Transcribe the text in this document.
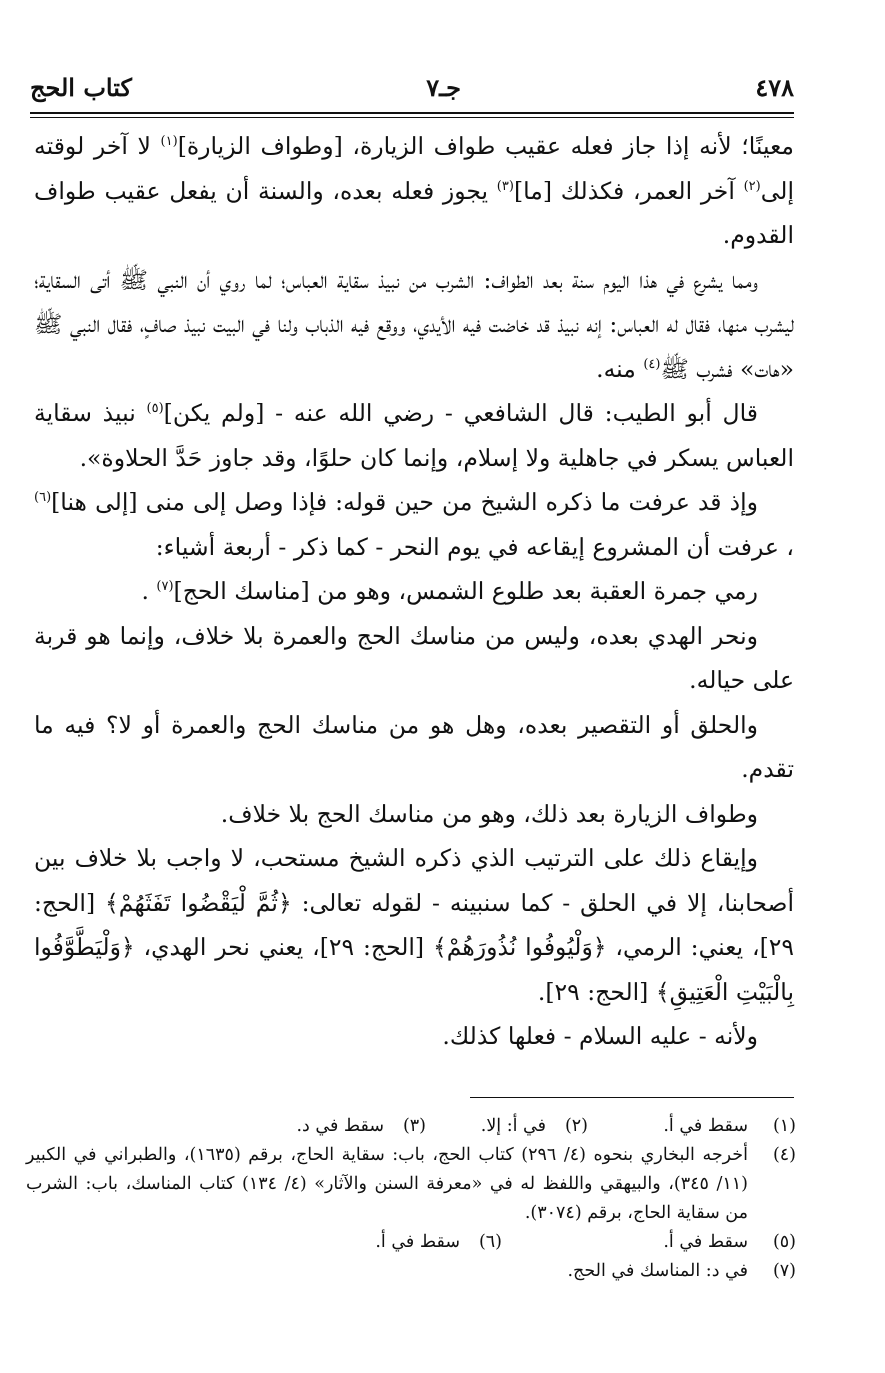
٤٧٨
جـ٧
كتاب الحج

معينًا؛ لأنه إذا جاز فعله عقيب طواف الزيارة، [وطواف الزيارة]$^{(١)}$ لا آخر لوقته إلى$^{(٢)}$ آخر العمر، فكذلك [ما]$^{(٣)}$ يجوز فعله بعده، والسنة أن يفعل عقيب طواف القدوم.

ومما يشرع في هذا اليوم سنة بعد الطواف: الشرب من نبيذ سقاية العباس؛ لما روي أن النبي ﷺ أتى السقاية؛ ليشرب منها، فقال له العباس: إنه نبيذ قد خاضت فيه الأيدي، ووقع فيه الذباب ولنا في البيت نبيذ صافٍ، فقال النبي ﷺ «هات» فشرب ﷺ$^{(٤)}$ منه.

قال أبو الطيب: قال الشافعي - رضي الله عنه - [ولم يكن]$^{(٥)}$ نبيذ سقاية العباس يسكر في جاهلية ولا إسلام، وإنما كان حلوًا، وقد جاوز حَدَّ الحلاوة».

وإذ قد عرفت ما ذكره الشيخ من حين قوله: فإذا وصل إلى منى [إلى هنا]$^{(٦)}$ ، عرفت أن المشروع إيقاعه في يوم النحر - كما ذكر - أربعة أشياء:

رمي جمرة العقبة بعد طلوع الشمس، وهو من [مناسك الحج]$^{(٧)}$ .

ونحر الهدي بعده، وليس من مناسك الحج والعمرة بلا خلاف، وإنما هو قربة على حياله.

والحلق أو التقصير بعده، وهل هو من مناسك الحج والعمرة أو لا؟ فيه ما تقدم.

وطواف الزيارة بعد ذلك، وهو من مناسك الحج بلا خلاف.

وإيقاع ذلك على الترتيب الذي ذكره الشيخ مستحب، لا واجب بلا خلاف بين أصحابنا، إلا في الحلق - كما سنبينه - لقوله تعالى: ﴿ثُمَّ لْيَقْضُوا تَفَثَهُمْ﴾ [الحج: ٢٩]، يعني: الرمي، ﴿وَلْيُوفُوا نُذُورَهُمْ﴾ [الحج: ٢٩]، يعني نحر الهدي، ﴿وَلْيَطَّوَّفُوا بِالْبَيْتِ الْعَتِيقِ﴾ [الحج: ٢٩].

ولأنه - عليه السلام - فعلها كذلك.

(١)
سقط في أ.
(٢)
في أ: إلا.
(٣)
سقط في د.
(٤)
أخرجه البخاري بنحوه (٤/ ٢٩٦) كتاب الحج، باب: سقاية الحاج، برقم (١٦٣٥)، والطبراني في الكبير (١١/ ٣٤٥)، والبيهقي واللفظ له في «معرفة السنن والآثار» (٤/ ١٣٤) كتاب المناسك، باب: الشرب من سقاية الحاج، برقم (٣٠٧٤).
(٥)
سقط في أ.
(٦)
سقط في أ.
(٧)
في د: المناسك في الحج.
